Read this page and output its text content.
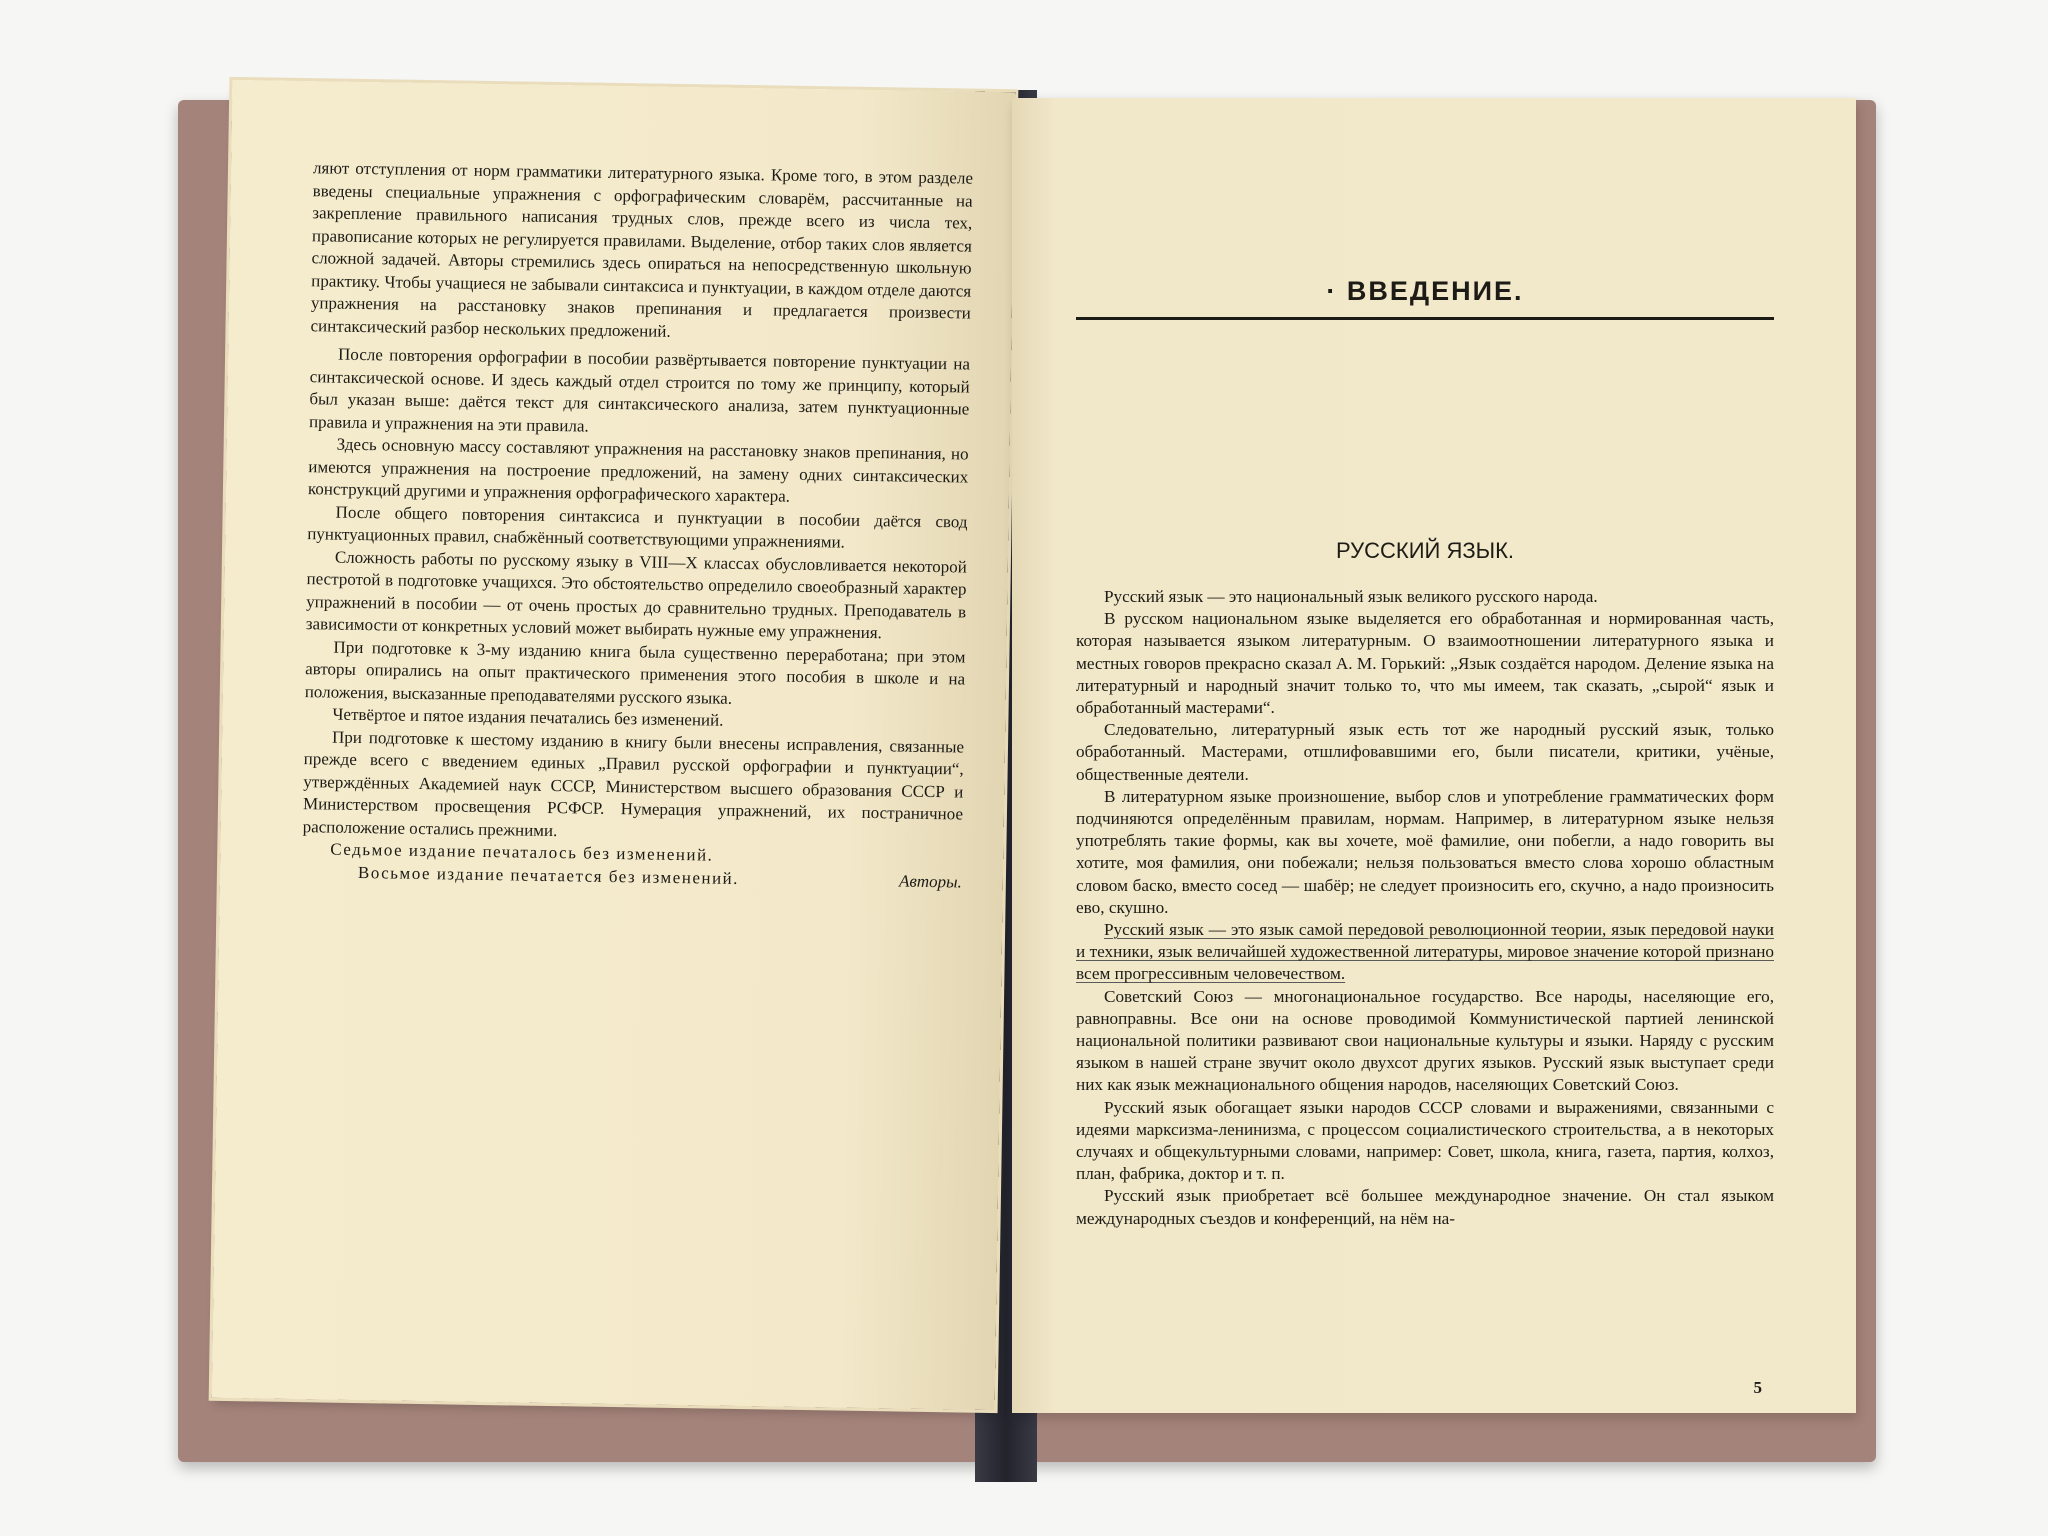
ляют отступления от норм грамматики литературного языка. Кроме того, в этом разделе введены специальные упражнения с орфографическим словарём, рассчитанные на закрепление правильного написания трудных слов, прежде всего из числа тех, правописание которых не регулируется правилами. Выделение, отбор таких слов является сложной задачей. Авторы стремились здесь опираться на непосредственную школьную практику. Чтобы учащиеся не забывали синтаксиса и пунктуации, в каждом отделе даются упражнения на расстановку знаков препинания и предлагается произвести синтаксический разбор нескольких предложений.

После повторения орфографии в пособии развёртывается повторение пунктуации на синтаксической основе. И здесь каждый отдел строится по тому же принципу, который был указан выше: даётся текст для синтаксического анализа, затем пунктуационные правила и упражнения на эти правила.

Здесь основную массу составляют упражнения на расстановку знаков препинания, но имеются упражнения на построение предложений, на замену одних синтаксических конструкций другими и упражнения орфографического характера.

После общего повторения синтаксиса и пунктуации в пособии даётся свод пунктуационных правил, снабжённый соответствующими упражнениями.

Сложность работы по русскому языку в VIII—X классах обусловливается некоторой пестротой в подготовке учащихся. Это обстоятельство определило своеобразный характер упражнений в пособии — от очень простых до сравнительно трудных. Преподаватель в зависимости от конкретных условий может выбирать нужные ему упражнения.

При подготовке к 3-му изданию книга была существенно переработана; при этом авторы опирались на опыт практического применения этого пособия в школе и на положения, высказанные преподавателями русского языка.

Четвёртое и пятое издания печатались без изменений.

При подготовке к шестому изданию в книгу были внесены исправления, связанные прежде всего с введением единых „Правил русской орфографии и пунктуации“, утверждённых Академией наук СССР, Министерством высшего образования СССР и Министерством просвещения РСФСР. Нумерация упражнений, их постраничное расположение остались прежними.

Седьмое издание печаталось без изменений.

Восьмое издание печатается без изменений.	Авторы.
· ВВЕДЕНИЕ.
РУССКИЙ ЯЗЫК.

Русский язык — это национальный язык великого русского народа.

В русском национальном языке выделяется его обработанная и нормированная часть, которая называется языком литературным. О взаимоотношении литературного языка и местных говоров прекрасно сказал А. М. Горький: „Язык создаётся народом. Деление языка на литературный и народный значит только то, что мы имеем, так сказать, „сырой“ язык и обработанный мастерами“.

Следовательно, литературный язык есть тот же народный русский язык, только обработанный. Мастерами, отшлифовавшими его, были писатели, критики, учёные, общественные деятели.

В литературном языке произношение, выбор слов и употребление грамматических форм подчиняются определённым правилам, нормам. Например, в литературном языке нельзя употреблять такие формы, как вы хочете, моё фамилие, они побегли, а надо говорить вы хотите, моя фамилия, они побежали; нельзя пользоваться вместо слова хорошо областным словом баско, вместо сосед — шабёр; не следует произносить его, скучно, а надо произносить ево, скушно.

Русский язык — это язык самой передовой революционной теории, язык передовой науки и техники, язык величайшей художественной литературы, мировое значение которой признано всем прогрессивным человечеством.

Советский Союз — многонациональное государство. Все народы, населяющие его, равноправны. Все они на основе проводимой Коммунистической партией ленинской национальной политики развивают свои национальные культуры и языки. Наряду с русским языком в нашей стране звучит около двухсот других языков. Русский язык выступает среди них как язык межнационального общения народов, населяющих Советский Союз.

Русский язык обогащает языки народов СССР словами и выражениями, связанными с идеями марксизма-ленинизма, с процессом социалистического строительства, а в некоторых случаях и общекультурными словами, например: Совет, школа, книга, газета, партия, колхоз, план, фабрика, доктор и т. п.

Русский язык приобретает всё большее международное значение. Он стал языком международных съездов и конференций, на нём на-

5
